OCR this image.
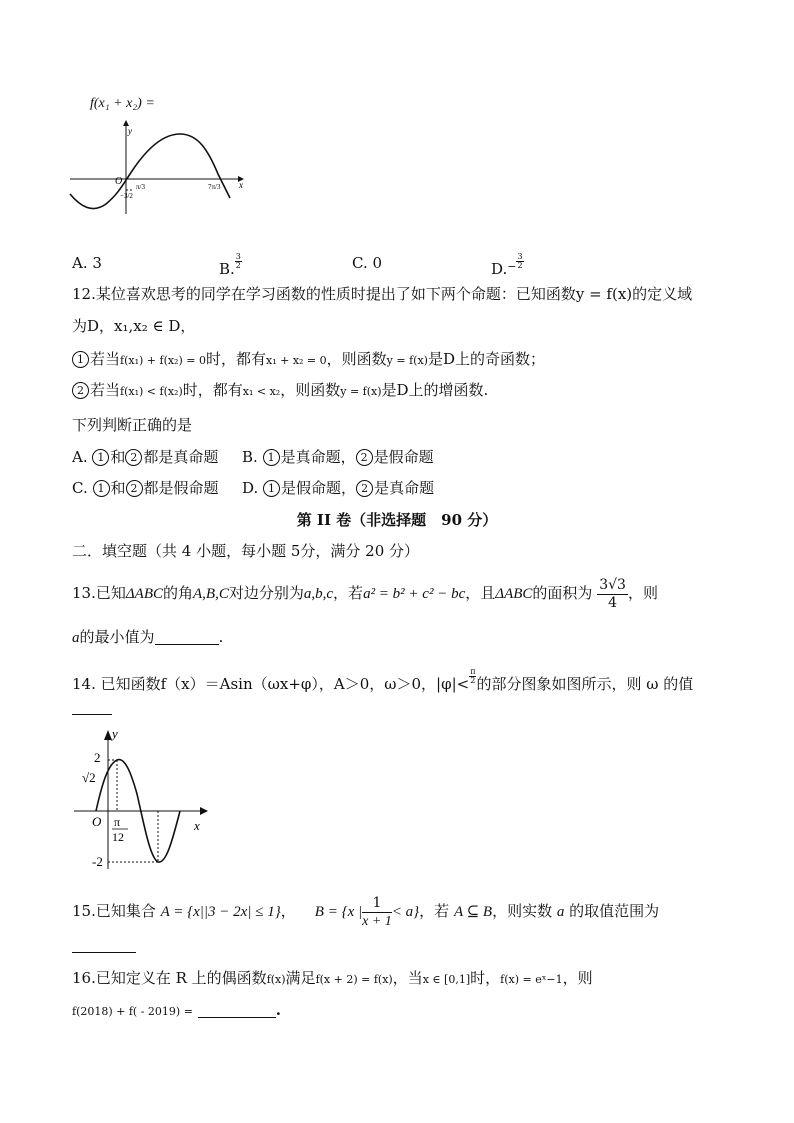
f(x₁ + x₂) =
y
x
O π/3	7π/3
−3/2
A. 3	B. $\frac{3}{2}$	C. 0	$D.^- \frac{3}{2}$
12.某位喜欢思考的同学在学习函数的性质时提出了如下两个命题：已知函数y = f(x)的定义域
为D，x₁,x₂ ∈ D，
1 若当f(x₁) + f(x₂) = 0时，都有x₁ + x₂ = 0，则函数y = f(x)是D上的奇函数；
2 若当f(x₁) < f(x₂)时，都有x₁ < x₂，则函数y = f(x)是D上的增函数.
下列判断正确的是
A. 1 和 2 都是真命题 B. 1 是真命题， 2 是假命题
C. 1 和 2 都是假命题 D. 1 是假命题， 2 是真命题
第 II 卷（非选择题　90 分）
二．填空题（共 4 小题，每小题 5分，满分 20 分）
13.已知ΔABC的角A,B,C对边分别为a,b,c，若a² = b² + c² − bc，且ΔABC的面积为 $\frac{3√3}{4}$ ，则
a的最小值为	.
14. 已知函数f（x）＝Asin（ωx+φ），A＞0，ω＞0，$|\varphi|< \frac{\pi}{2}$的部分图象如图所示，则 ω 的值
y
x
O
2
√2
-2
π
12
15.已知集合 A = {x||3 − 2x| ≤ 1}， B = {x | $\frac{1}{x + 1} < a$}，若 A ⊆ B，则实数 a 的取值范围为
16.已知定义在 R 上的偶函数f(x)满足f(x + 2) = f(x)，当x ∈ [0,1]时，f(x) = eˣ−1，则
f(2018) + f( - 2019) =	.
